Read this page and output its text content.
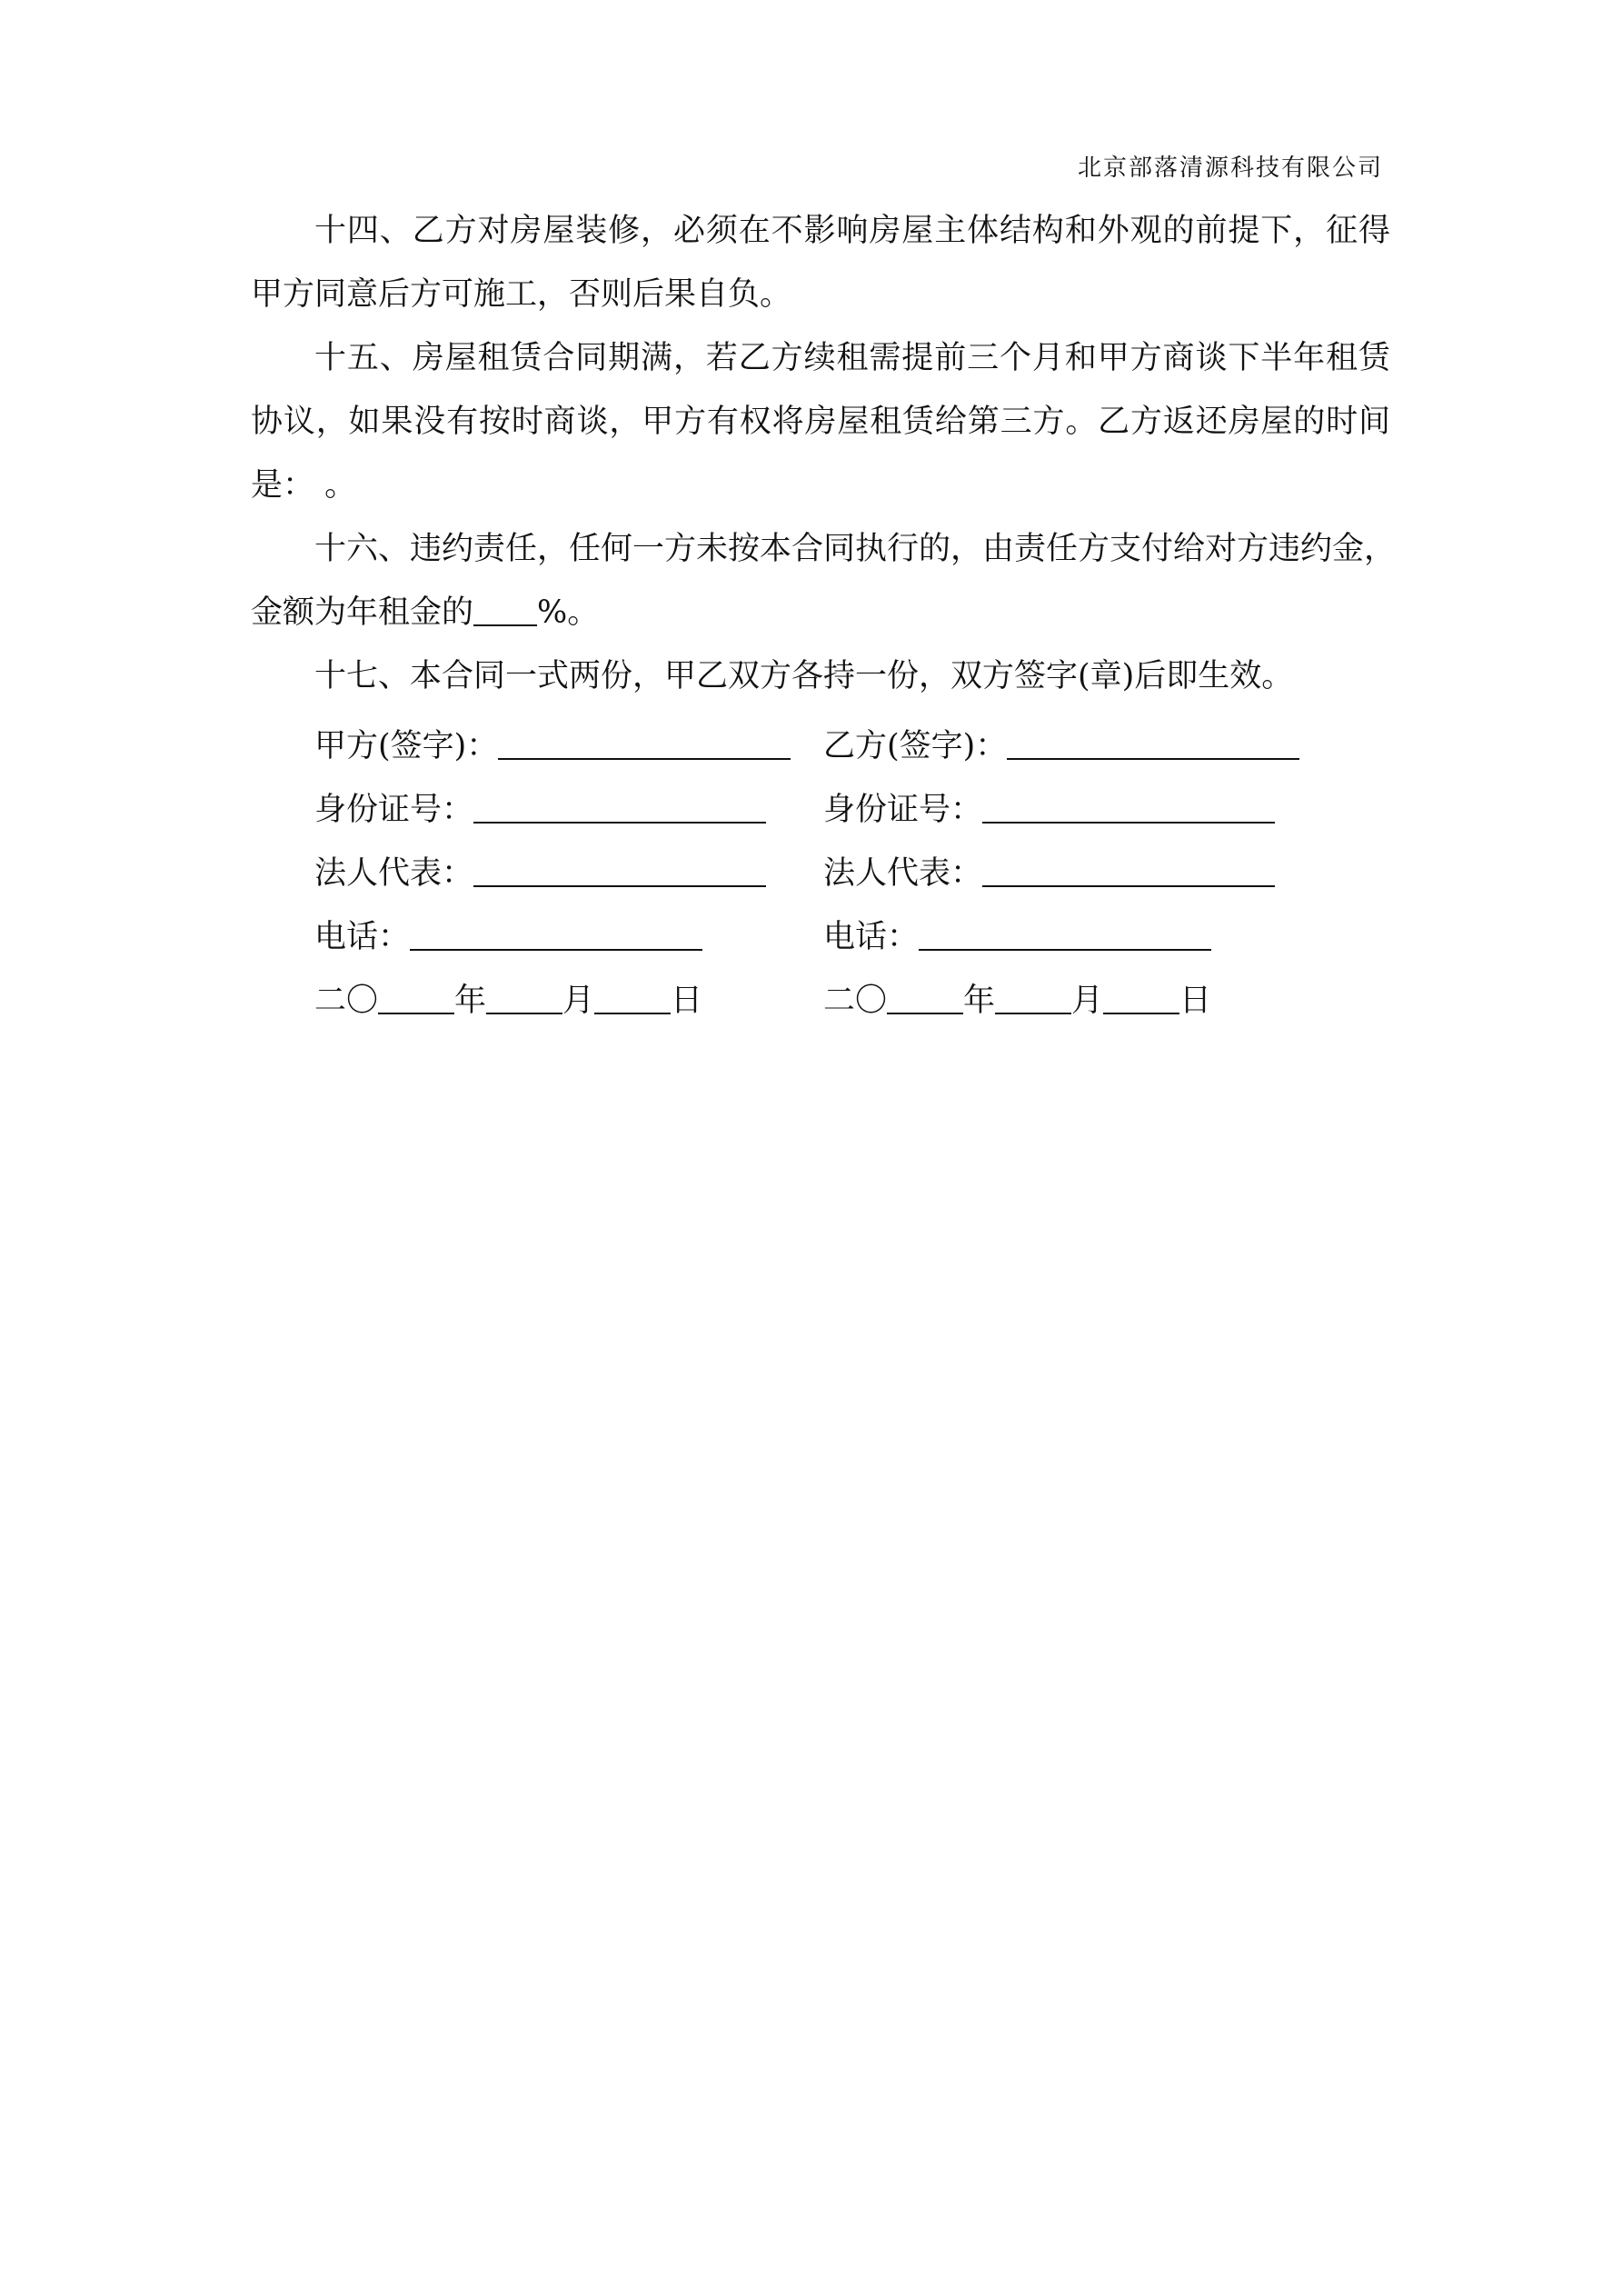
北京部落清源科技有限公司
十四、乙方对房屋装修，必须在不影响房屋主体结构和外观的前提下，征得
甲方同意后方可施工，否则后果自负。
十五、房屋租赁合同期满，若乙方续租需提前三个月和甲方商谈下半年租赁
协议，如果没有按时商谈，甲方有权将房屋租赁给第三方。乙方返还房屋的时间
是： 。
十六、违约责任，任何一方未按本合同执行的，由责任方支付给对方违约金，
金额为年租金的 %。
十七、本合同一式两份，甲乙双方各持一份，双方签字(章)后即生效。
甲方(签字)：
身份证号：
法人代表：
电话：
二〇 年 月 日
乙方(签字)：
身份证号：
法人代表：
电话：
二〇 年 月 日
